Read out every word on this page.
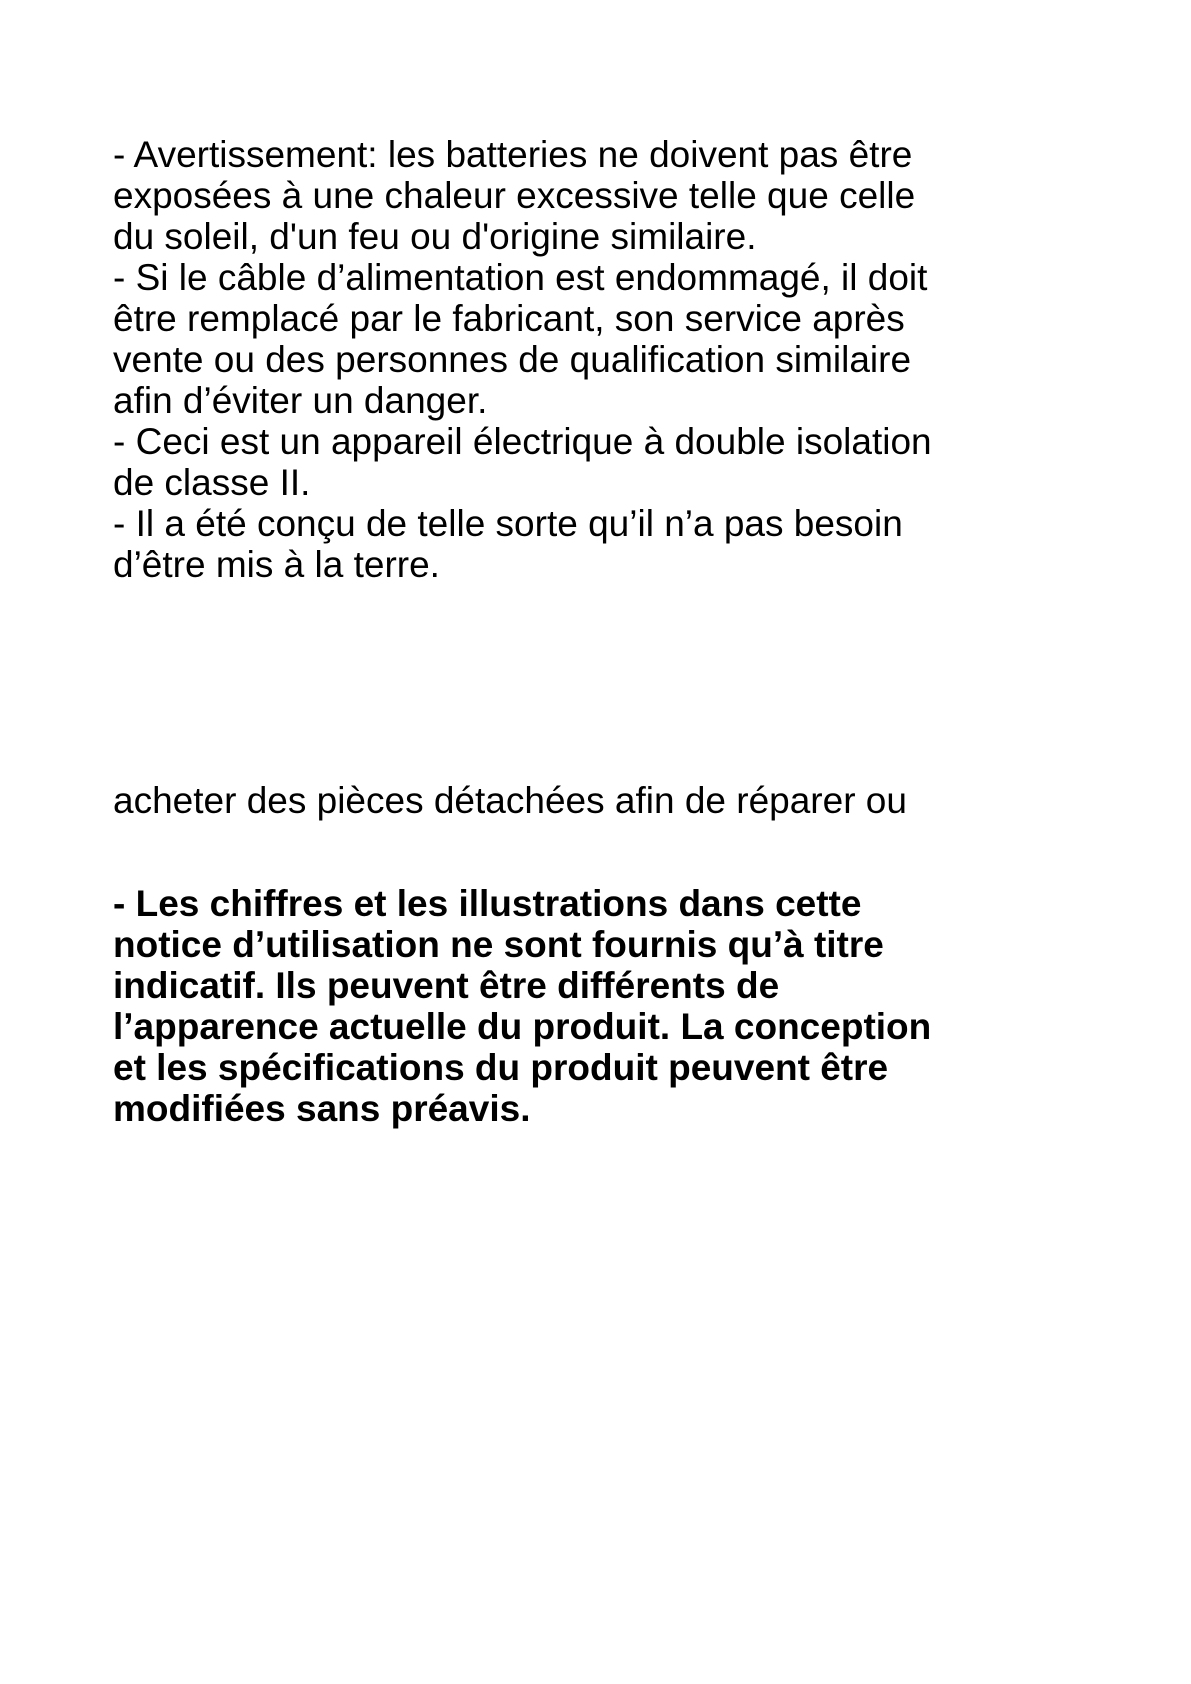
- Avertissement: les batteries ne doivent pas être
exposées à une chaleur excessive telle que celle
du soleil, d'un feu ou d'origine similaire.
- Si le câble d’alimentation est endommagé, il doit
être remplacé par le fabricant, son service après
vente ou des personnes de qualification similaire
afin d’éviter un danger.
- Ceci est un appareil électrique à double isolation
de classe II.
- Il a été conçu de telle sorte qu’il n’a pas besoin
d’être mis à la terre.
acheter des pièces détachées afin de réparer ou
- Les chiffres et les illustrations dans cette
notice d’utilisation ne sont fournis qu’à titre
indicatif. Ils peuvent être différents de
l’apparence actuelle du produit. La conception
et les spécifications du produit peuvent être
modifiées sans préavis.
